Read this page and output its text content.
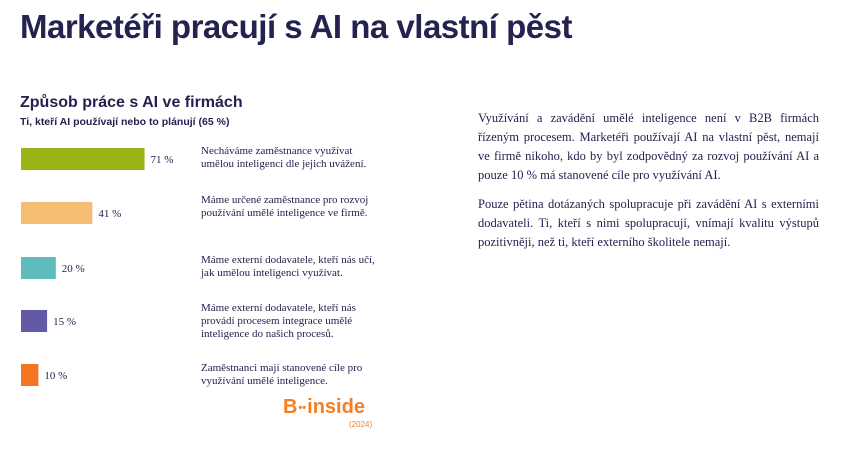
Marketéři pracují s AI na vlastní pěst
Způsob práce s AI ve firmách
Ti, kteří AI používají nebo to plánují (65 %)
71 %
41 %
20 %
15 %
10 %
Necháváme zaměstnance využívat umělou inteligenci dle jejich uvážení.
Máme určené zaměstnance pro rozvoj používání umělé inteligence ve firmě.
Máme externí dodavatele, kteří nás učí, jak umělou inteligenci využívat.
Máme externí dodavatele, kteří nás provádí procesem integrace umělé inteligence do našich procesů.
Zaměstnanci mají stanovené cíle pro využívání umělé inteligence.

Využívání a zavádění umělé inteligence není v B2B firmách řízeným procesem. Marketéři používají AI na vlastní pěst, nemají ve firmě nikoho, kdo by byl zodpovědný za rozvoj používání AI a pouze 10 % má stanovené cíle pro využívání AI.

Pouze pětina dotázaných spolupracuje při zavádění AI s externími dodavateli. Ti, kteří s nimi spolupracují, vnímají kvalitu výstupů pozitivněji, než ti, kteří externího školitele nemají.

B••inside
(2024)
